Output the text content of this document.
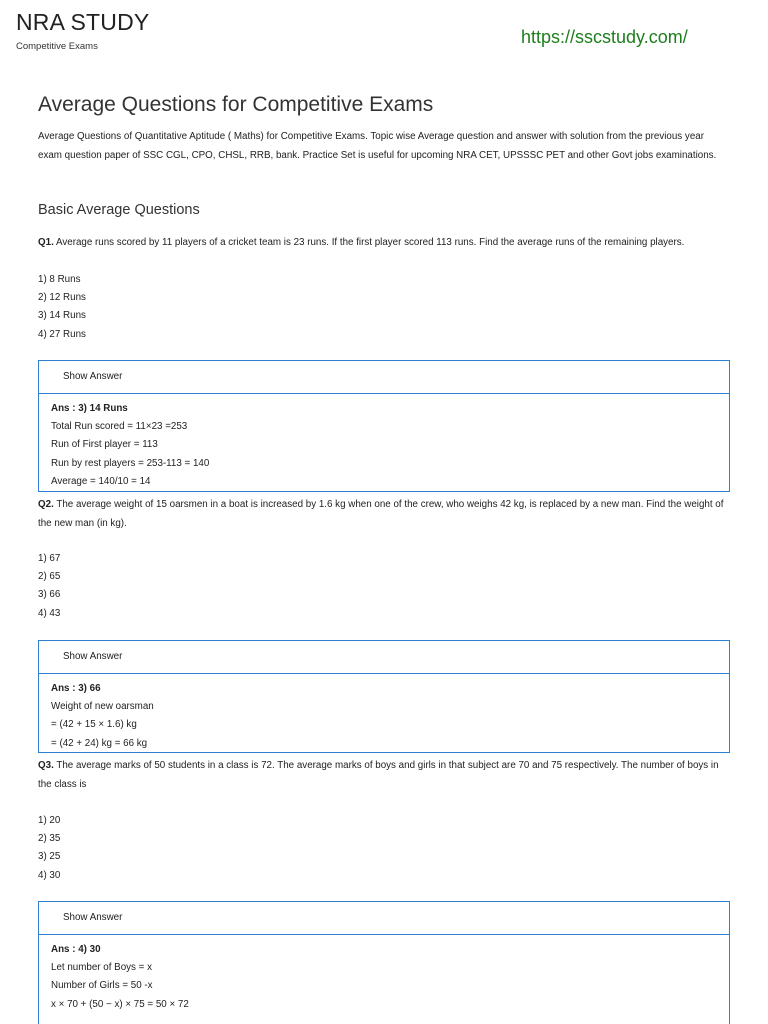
NRA STUDY
Competitive Exams	https://sscstudy.com/
Average Questions for Competitive Exams

Average Questions of Quantitative Aptitude ( Maths) for Competitive Exams. Topic wise Average question and answer with solution from the previous year exam question paper of SSC CGL, CPO, CHSL, RRB, bank. Practice Set is useful for upcoming NRA CET, UPSSSC PET and other Govt jobs examinations.

Basic Average Questions

Q1. Average runs scored by 11 players of a cricket team is 23 runs. If the first player scored 113 runs. Find the average runs of the remaining players.

1) 8 Runs
2) 12 Runs
3) 14 Runs
4) 27 Runs
Show Answer
Ans : 3) 14 Runs
Total Run scored = 11×23 =253
Run of First player = 113
Run by rest players = 253-113 = 140
Average = 140/10 = 14

Q2. The average weight of 15 oarsmen in a boat is increased by 1.6 kg when one of the crew, who weighs 42 kg, is replaced by a new man. Find the weight of the new man (in kg).

1) 67
2) 65
3) 66
4) 43
Show Answer
Ans : 3) 66
Weight of new oarsman
= (42 + 15 × 1.6) kg
= (42 + 24) kg = 66 kg

Q3. The average marks of 50 students in a class is 72. The average marks of boys and girls in that subject are 70 and 75 respectively. The number of boys in the class is

1) 20
2) 35
3) 25
4) 30
Show Answer
Ans : 4) 30
Let number of Boys = x
Number of Girls = 50 -x
x × 70 + (50 − x) × 75 = 50 × 72
